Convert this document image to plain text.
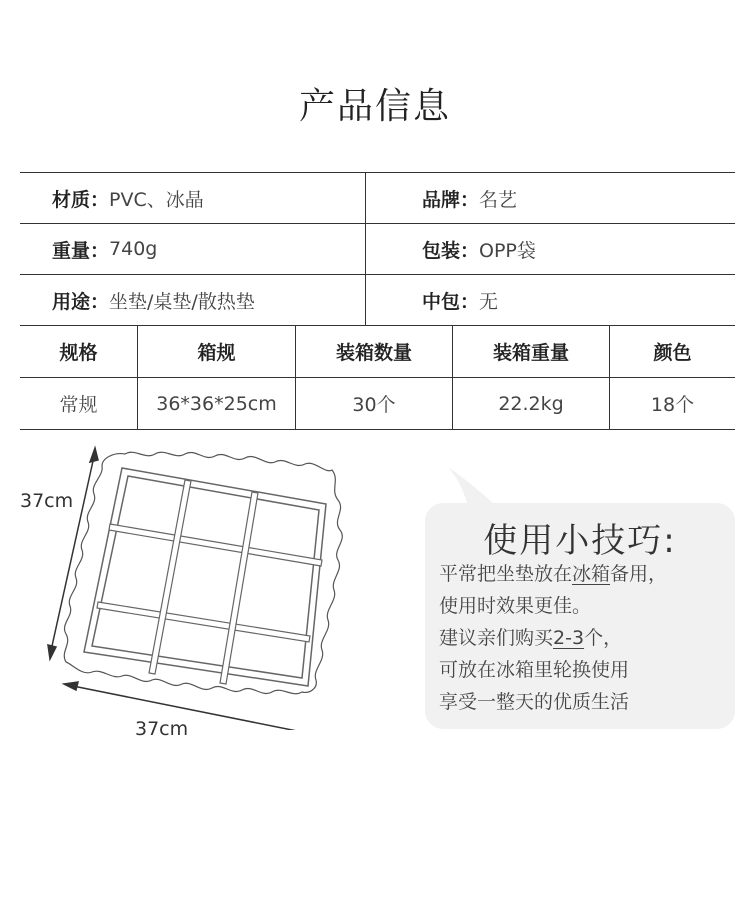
产品信息
材质： PVC、冰晶	品牌： 名艺
重量： 740g	包装： OPP袋
用途： 坐垫/桌垫/散热垫	中包： 无
规格	箱规	装箱数量	装箱重量	颜色
常规	36*36*25cm	30个	22.2kg	18个
37cm
37cm
使用小技巧:
平常把坐垫放在冰箱备用，
使用时效果更佳。
建议亲们购买2-3个，
可放在冰箱里轮换使用
享受一整天的优质生活
